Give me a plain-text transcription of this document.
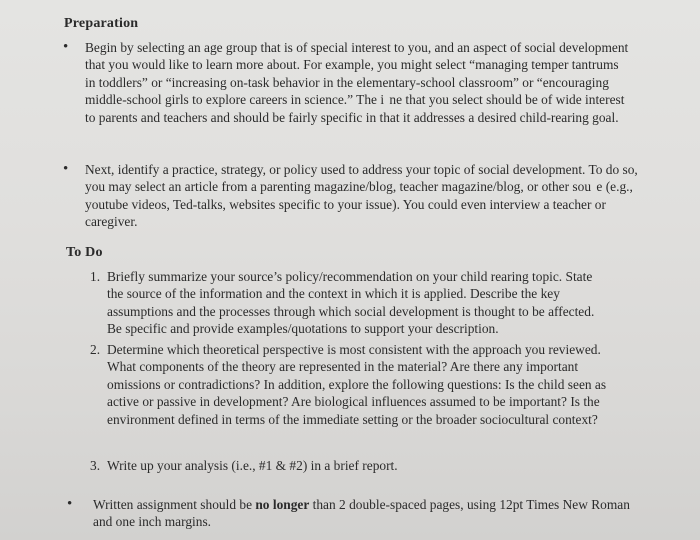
Preparation
• Begin by selecting an age group that is of special interest to you, and an aspect of social development that you would like to learn more about. For example, you might select “managing temper tantrums in toddlers” or “increasing on-task behavior in the elementary-school classroom” or “encouraging middle-school girls to explore careers in science.” The i  ne that you select should be of wide interest to parents and teachers and should be fairly specific in that it addresses a desired child-rearing goal.
• Next, identify a practice, strategy, or policy used to address your topic of social development. To do so, you may select an article from a parenting magazine/blog, teacher magazine/blog, or other sou  e (e.g., youtube videos, Ted-talks, websites specific to your issue). You could even interview a teacher or caregiver.
To Do
1. Briefly summarize your source’s policy/recommendation on your child rearing topic. State the source of the information and the context in which it is applied. Describe the key assumptions and the processes through which social development is thought to be affected. Be specific and provide examples/quotations to support your description.
2. Determine which theoretical perspective is most consistent with the approach you reviewed. What components of the theory are represented in the material? Are there any important omissions or contradictions? In addition, explore the following questions: Is the child seen as active or passive in development? Are biological influences assumed to be important? Is the environment defined in terms of the immediate setting or the broader sociocultural context?
3. Write up your analysis (i.e., #1 & #2) in a brief report.
• Written assignment should be no longer than 2 double-spaced pages, using 12pt Times New Roman and one inch margins.
